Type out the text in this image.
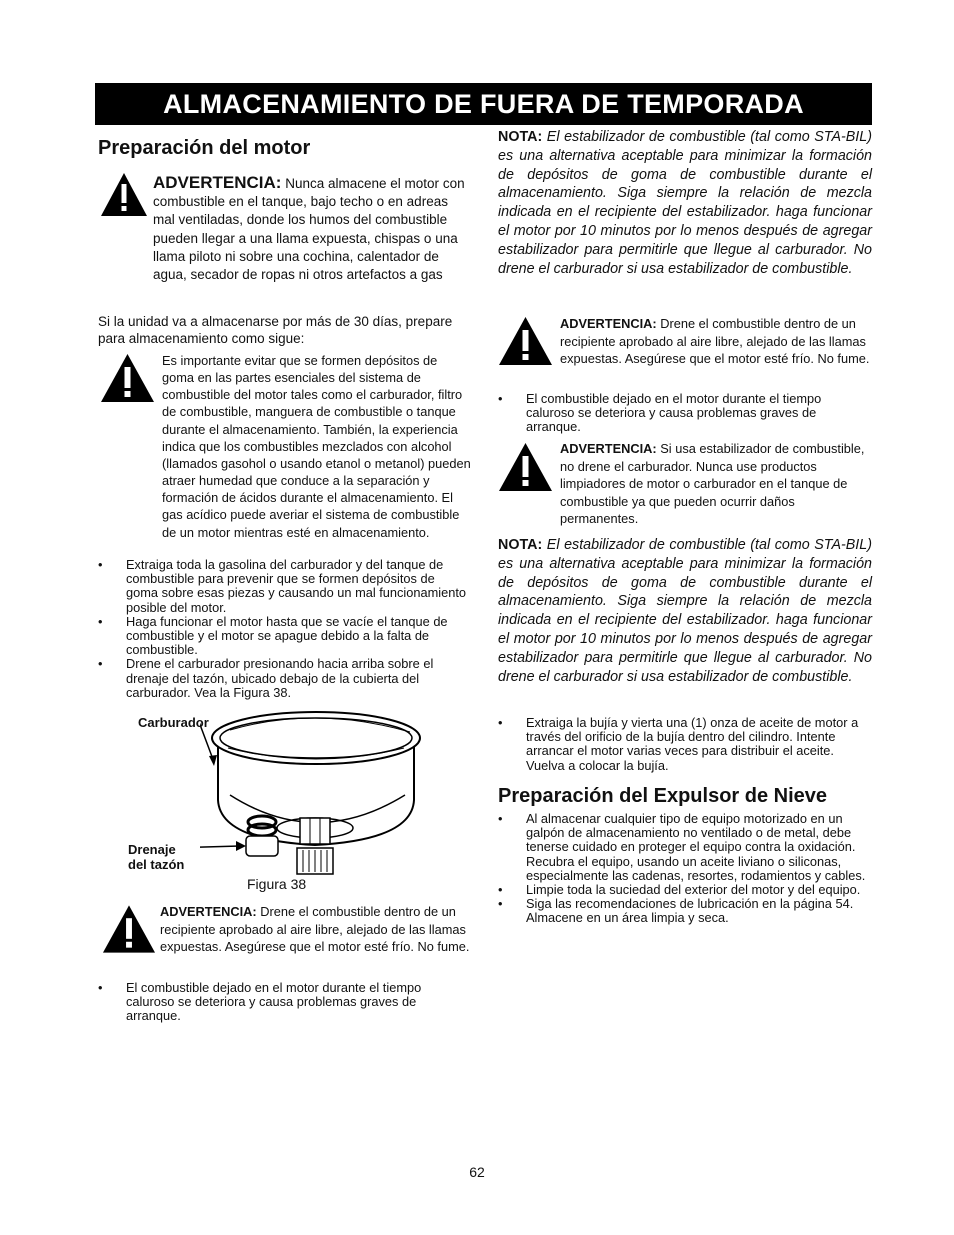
ALMACENAMIENTO DE FUERA DE TEMPORADA

Preparación del motor

ADVERTENCIA: Nunca almacene el motor con combustible en el tanque, bajo techo o en adreas mal ventiladas, donde los humos del combustible pueden llegar a una llama expuesta, chispas o una llama piloto ni sobre una cochina, calentador de agua, secador de ropas ni otros artefactos a gas

Si la unidad va a almacenarse por más de 30 días, prepare para almacenamiento como sigue:

Es importante evitar que se formen depósitos de goma en las partes esenciales del sistema de combustible del motor tales como el carburador, filtro de combustible, manguera de combustible o tanque durante el almacenamiento. También, la experiencia indica que los combustibles mezclados con alcohol (llamados gasohol o usando etanol o metanol) pueden atraer humedad que conduce a la separación y formación de ácidos durante el almacenamiento. El gas acídico puede averiar el sistema de combustible de un motor mientras esté en almacenamiento.

• Extraiga toda la gasolina del carburador y del tanque de combustible para prevenir que se formen depósitos de goma sobre esas piezas y causando un mal funcionamiento posible del motor.

• Haga funcionar el motor hasta que se vacíe el tanque de combustible y el motor se apague debido a la falta de combustible.

• Drene el carburador presionando hacia arriba sobre el drenaje del tazón, ubicado debajo de la cubierta del carburador. Vea la Figura 38.

Carburador
Drenaje
del tazón
Figura 38
ADVERTENCIA: Drene el combustible dentro de un recipiente aprobado al aire libre, alejado de las llamas expuestas. Asegúrese que el motor esté frío. No fume.

• El combustible dejado en el motor durante el tiempo caluroso se deteriora y causa problemas graves de arranque.

NOTA: El estabilizador de combustible (tal como STA-BIL) es una alternativa aceptable para minimizar la formación de depósitos de goma de combustible durante el almacenamiento. Siga siempre la relación de mezcla indicada en el recipiente del estabilizador. haga funcionar el motor por 10 minutos por lo menos después de agregar estabilizador para permitirle que llegue al carburador. No drene el carburador si usa estabilizador de combustible.

ADVERTENCIA: Drene el combustible dentro de un recipiente aprobado al aire libre, alejado de las llamas expuestas. Asegúrese que el motor esté frío. No fume.

• El combustible dejado en el motor durante el tiempo caluroso se deteriora y causa problemas graves de arranque.

ADVERTENCIA: Si usa estabilizador de combustible, no drene el carburador. Nunca use productos limpiadores de motor o carburador en el tanque de combustible ya que pueden ocurrir daños permanentes.

NOTA: El estabilizador de combustible (tal como STA-BIL) es una alternativa aceptable para minimizar la formación de depósitos de goma de combustible durante el almacenamiento. Siga siempre la relación de mezcla indicada en el recipiente del estabilizador. haga funcionar el motor por 10 minutos por lo menos después de agregar estabilizador para permitirle que llegue al carburador. No drene el carburador si usa estabilizador de combustible.

• Extraiga la bujía y vierta una (1) onza de aceite de motor a través del orificio de la bujía dentro del cilindro. Intente arrancar el motor varias veces para distribuir el aceite. Vuelva a colocar la bujía.

Preparación del Expulsor de Nieve

• Al almacenar cualquier tipo de equipo motorizado en un galpón de almacenamiento no ventilado o de metal, debe tenerse cuidado en proteger el equipo contra la oxidación. Recubra el equipo, usando un aceite liviano o siliconas, especialmente las cadenas, resortes, rodamientos y cables.

• Limpie toda la suciedad del exterior del motor y del equipo.

• Siga las recomendaciones de lubricación en la página 54. Almacene en un área limpia y seca.

62
